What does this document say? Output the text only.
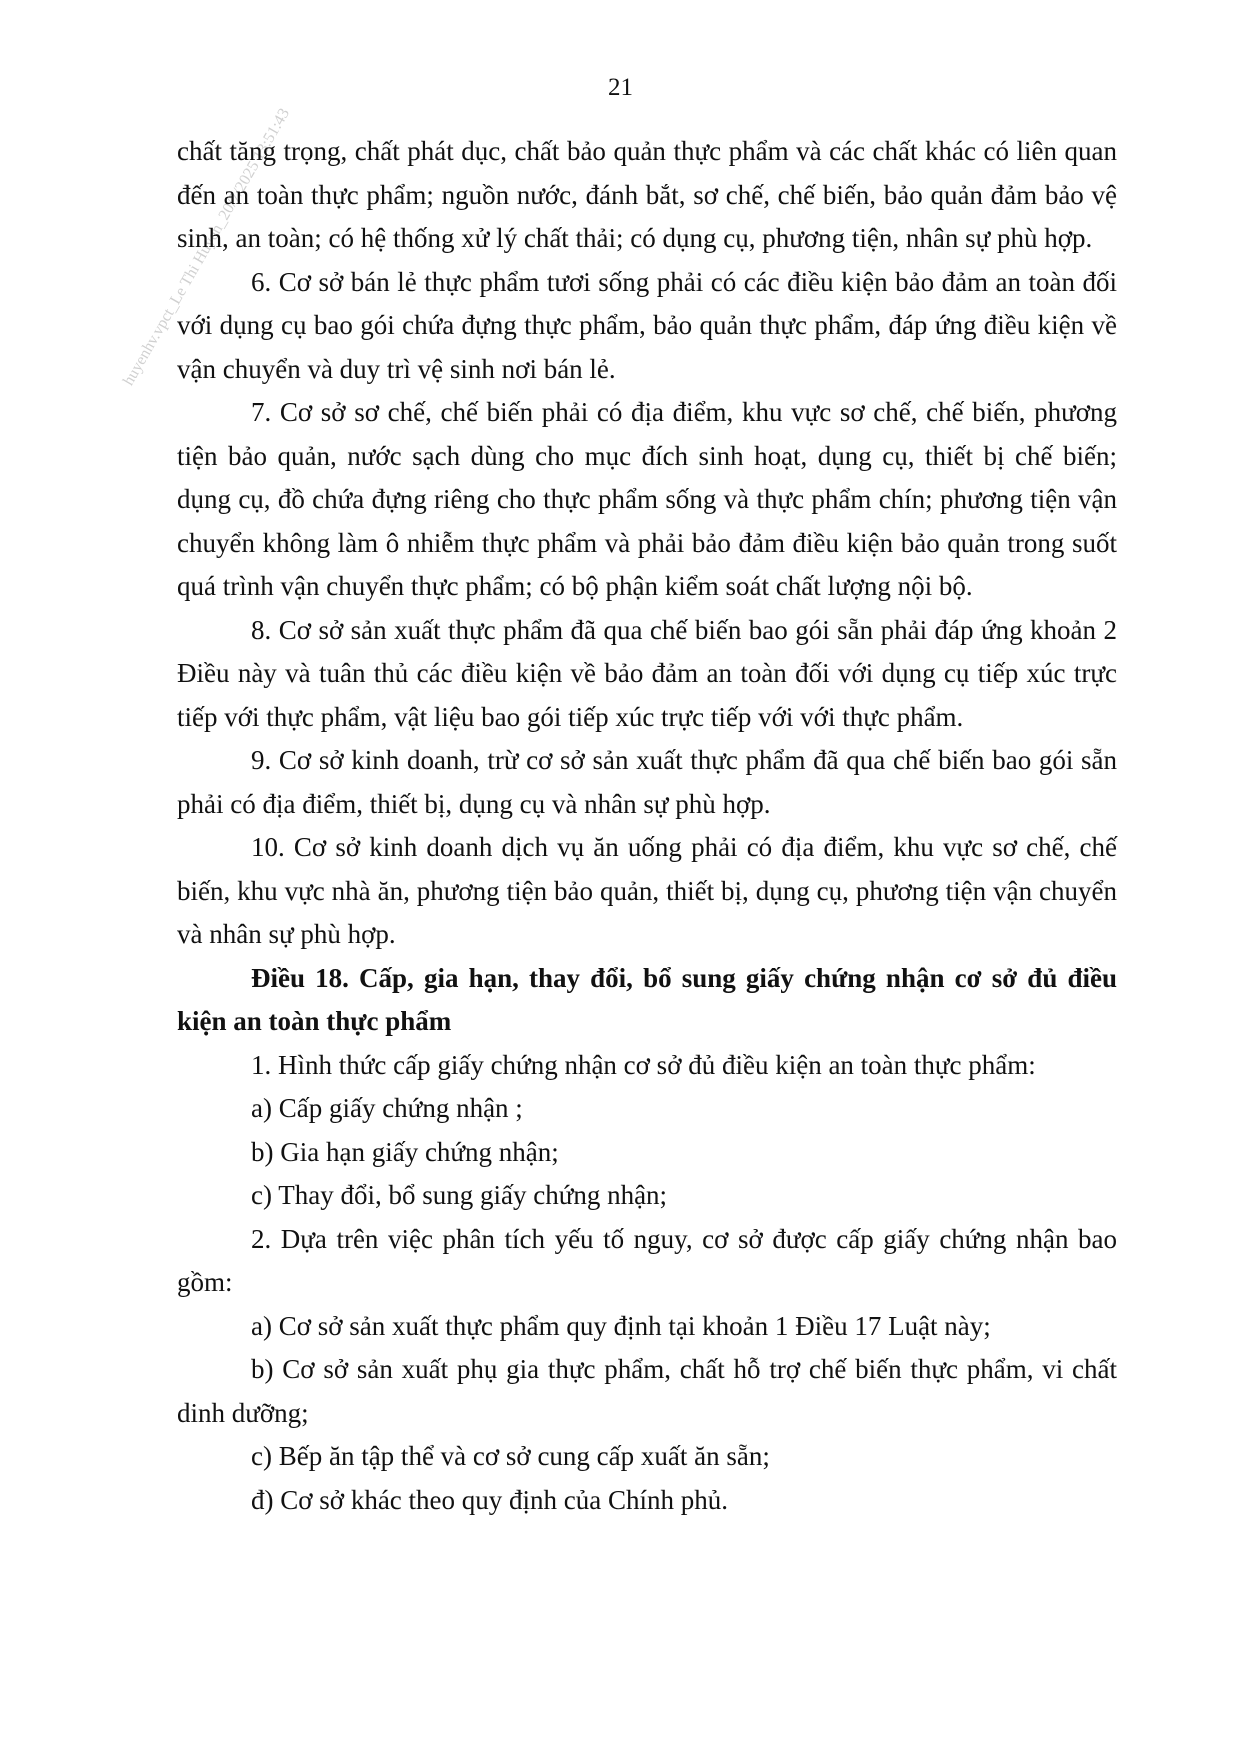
21
huyenhv.vpct_Le Thi Huyen_20/7/2025 13:51:43

chất tăng trọng, chất phát dục, chất bảo quản thực phẩm và các chất khác có liên quan đến an toàn thực phẩm; nguồn nước, đánh bắt, sơ chế, chế biến, bảo quản đảm bảo vệ sinh, an toàn; có hệ thống xử lý chất thải; có dụng cụ, phương tiện, nhân sự phù hợp.

6. Cơ sở bán lẻ thực phẩm tươi sống phải có các điều kiện bảo đảm an toàn đối với dụng cụ bao gói chứa đựng thực phẩm, bảo quản thực phẩm, đáp ứng điều kiện về vận chuyển và duy trì vệ sinh nơi bán lẻ.

7. Cơ sở sơ chế, chế biến phải có địa điểm, khu vực sơ chế, chế biến, phương tiện bảo quản, nước sạch dùng cho mục đích sinh hoạt, dụng cụ, thiết bị chế biến; dụng cụ, đồ chứa đựng riêng cho thực phẩm sống và thực phẩm chín; phương tiện vận chuyển không làm ô nhiễm thực phẩm và phải bảo đảm điều kiện bảo quản trong suốt quá trình vận chuyển thực phẩm; có bộ phận kiểm soát chất lượng nội bộ.

8. Cơ sở sản xuất thực phẩm đã qua chế biến bao gói sẵn phải đáp ứng khoản 2 Điều này và tuân thủ các điều kiện về bảo đảm an toàn đối với dụng cụ tiếp xúc trực tiếp với thực phẩm, vật liệu bao gói tiếp xúc trực tiếp với với thực phẩm.

9. Cơ sở kinh doanh, trừ cơ sở sản xuất thực phẩm đã qua chế biến bao gói sẵn phải có địa điểm, thiết bị, dụng cụ và nhân sự phù hợp.

10. Cơ sở kinh doanh dịch vụ ăn uống phải có địa điểm, khu vực sơ chế, chế biến, khu vực nhà ăn, phương tiện bảo quản, thiết bị, dụng cụ, phương tiện vận chuyển và nhân sự phù hợp.

Điều 18. Cấp, gia hạn, thay đổi, bổ sung giấy chứng nhận cơ sở đủ điều kiện an toàn thực phẩm

1. Hình thức cấp giấy chứng nhận cơ sở đủ điều kiện an toàn thực phẩm:

a) Cấp giấy chứng nhận ;

b) Gia hạn giấy chứng nhận;

c) Thay đổi, bổ sung giấy chứng nhận;

2. Dựa trên việc phân tích yếu tố nguy, cơ sở được cấp giấy chứng nhận bao gồm:

a) Cơ sở sản xuất thực phẩm quy định tại khoản 1 Điều 17 Luật này;

b) Cơ sở sản xuất phụ gia thực phẩm, chất hỗ trợ chế biến thực phẩm, vi chất dinh dưỡng;

c) Bếp ăn tập thể và cơ sở cung cấp xuất ăn sẵn;

đ) Cơ sở khác theo quy định của Chính phủ.
